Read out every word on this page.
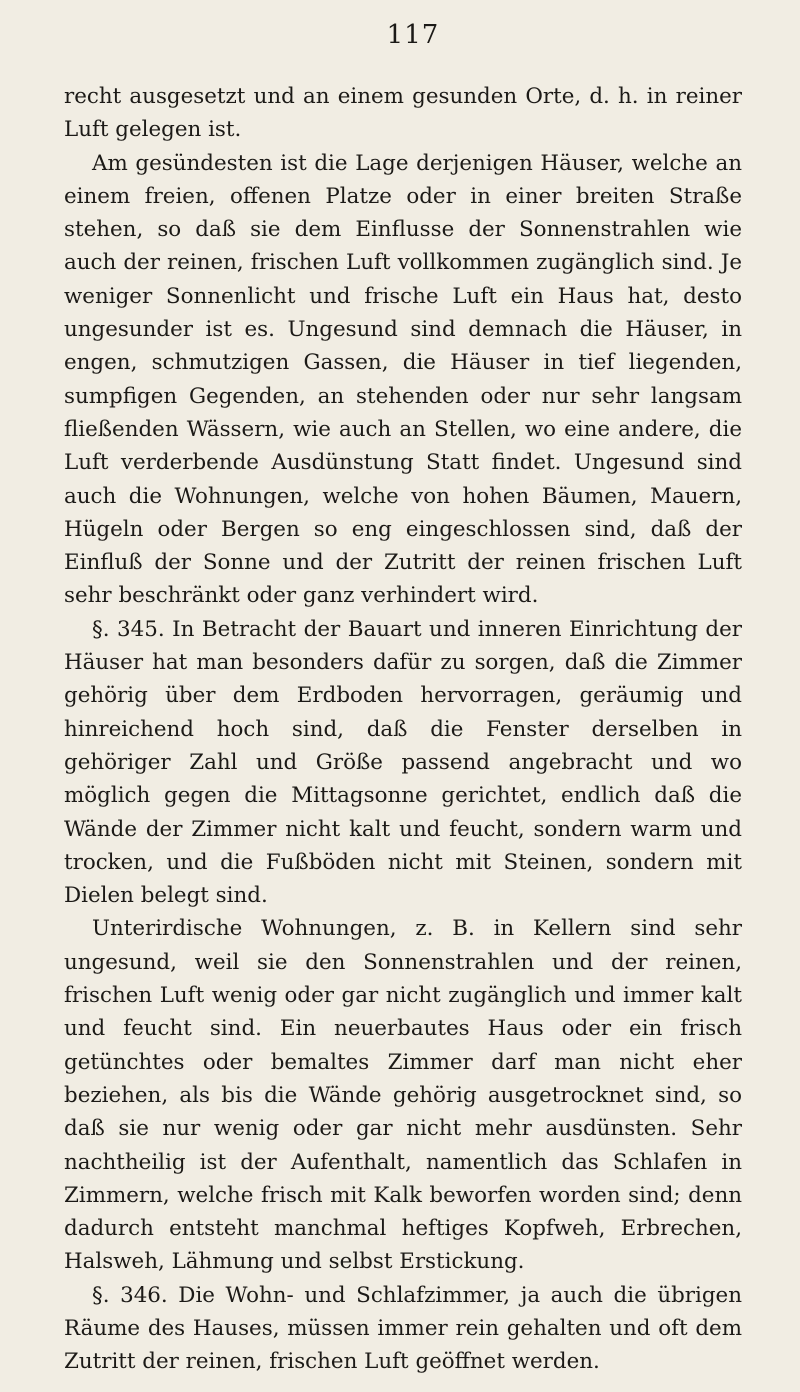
117

recht ausgesetzt und an einem gesunden Orte, d. h. in reiner Luft gelegen ist.

Am gesündesten ist die Lage derjenigen Häuser, welche an einem freien, offenen Platze oder in einer breiten Straße stehen, so daß sie dem Einflusse der Sonnenstrahlen wie auch der reinen, frischen Luft vollkommen zugänglich sind. Je weniger Sonnenlicht und frische Luft ein Haus hat, desto ungesunder ist es. Ungesund sind demnach die Häuser, in engen, schmutzigen Gassen, die Häuser in tief liegenden, sumpfigen Gegenden, an stehenden oder nur sehr langsam fließenden Wässern, wie auch an Stellen, wo eine andere, die Luft verderbende Ausdünstung Statt findet. Ungesund sind auch die Wohnungen, welche von hohen Bäumen, Mauern, Hügeln oder Bergen so eng eingeschlossen sind, daß der Einfluß der Sonne und der Zutritt der reinen frischen Luft sehr beschränkt oder ganz verhindert wird.

§. 345. In Betracht der Bauart und inneren Einrichtung der Häuser hat man besonders dafür zu sorgen, daß die Zimmer gehörig über dem Erdboden hervorragen, geräumig und hinreichend hoch sind, daß die Fenster derselben in gehöriger Zahl und Größe passend angebracht und wo möglich gegen die Mittagsonne gerichtet, endlich daß die Wände der Zimmer nicht kalt und feucht, sondern warm und trocken, und die Fußböden nicht mit Steinen, sondern mit Dielen belegt sind.

Unterirdische Wohnungen, z. B. in Kellern sind sehr ungesund, weil sie den Sonnenstrahlen und der reinen, frischen Luft wenig oder gar nicht zugänglich und immer kalt und feucht sind. Ein neuerbautes Haus oder ein frisch getünchtes oder bemaltes Zimmer darf man nicht eher beziehen, als bis die Wände gehörig ausgetrocknet sind, so daß sie nur wenig oder gar nicht mehr ausdünsten. Sehr nachtheilig ist der Aufenthalt, namentlich das Schlafen in Zimmern, welche frisch mit Kalk beworfen worden sind; denn dadurch entsteht manchmal heftiges Kopfweh, Erbrechen, Halsweh, Lähmung und selbst Erstickung.

§. 346. Die Wohn- und Schlafzimmer, ja auch die übrigen Räume des Hauses, müssen immer rein gehalten und oft dem Zutritt der reinen, frischen Luft geöffnet werden.
